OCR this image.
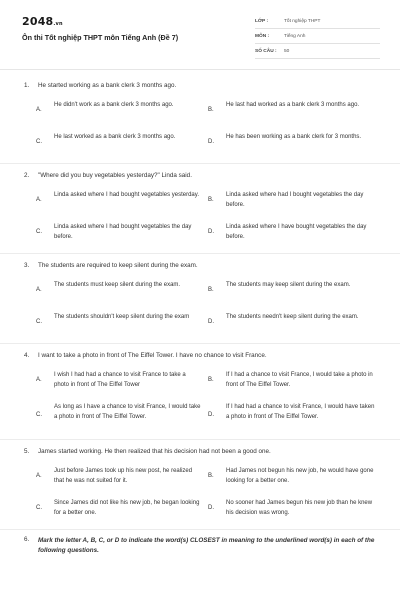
2048.vn
Ôn thi Tốt nghiệp THPT môn Tiếng Anh (Đề 7)
LỚP :	Tốt nghiệp THPT
MÔN :	Tiếng Anh
SỐ CÂU :	50
1.	He started working as a bank clerk 3 months ago.
A.
He didn't work as a bank clerk 3 months ago.
B.
He last had worked as a bank clerk 3 months ago.
C.
He last worked as a bank clerk 3 months ago.
D.
He has been working as a bank clerk for 3 months.
2.	"Where did you buy vegetables yesterday?" Linda said.
A.
Linda asked where I had bought vegetables yesterday.
B.
Linda asked where had I bought vegetables the day before.
C.
Linda asked where I had bought vegetables the day before.
D.
Linda asked where I have bought vegetables the day before.
3.	The students are required to keep silent during the exam.
A.
The students must keep silent during the exam.
B.
The students may keep silent during the exam.
C.
The students shouldn't keep silent during the exam
D.
The students needn't keep silent during the exam.
4.	I want to take a photo in front of The Eiffel Tower. I have no chance to visit France.
A.
I wish I had had a chance to visit France to take a photo in front of The Eiffel Tower
B.
If I had a chance to visit France, I would take a photo in front of The Eiffel Tower.
C.
As long as I have a chance to visit France, I would take a photo in front of The Eiffel Tower.	D.
If I had had a chance to visit France, I would have taken a photo in front of The Eiffel Tower.
5.	James started working. He then realized that his decision had not been a good one.
A.
Just before James took up his new post, he realized that he was not suited for it.
B.
Had James not begun his new job, he would have gone looking for a better one.
C.
Since James did not like his new job, he began looking for a better one.
D.
No sooner had James begun his new job than he knew his decision was wrong.
6.	Mark the letter A, B, C, or D to indicate the word(s) CLOSEST in meaning to the underlined word(s) in each of the following questions.
